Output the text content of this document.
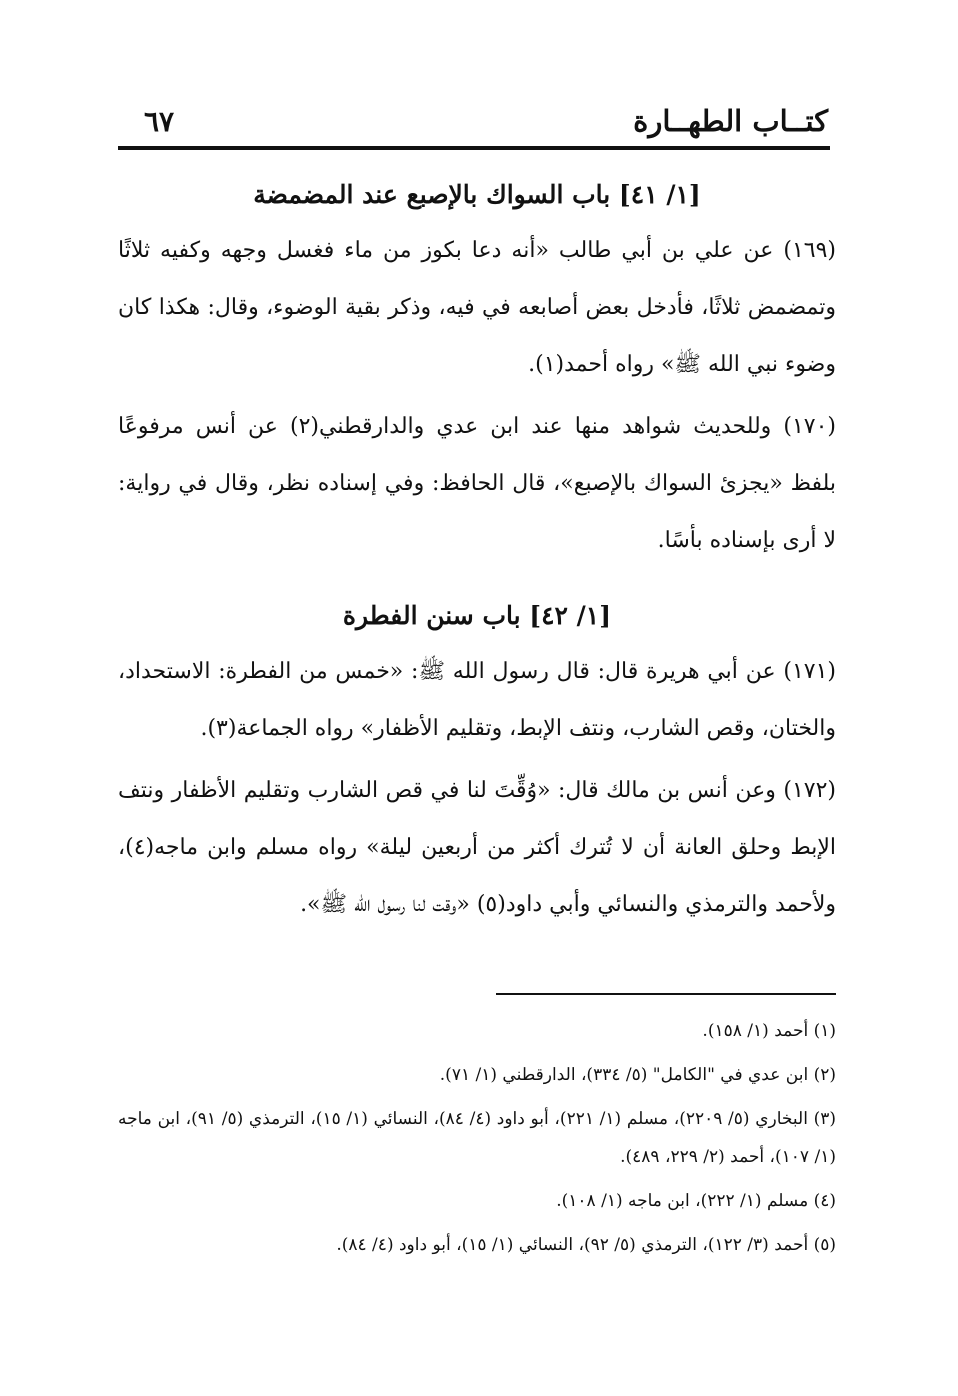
كتــاب الطهــارة
٦٧
[١/ ٤١] باب السواك بالإصبع عند المضمضة

(١٦٩) عن علي بن أبي طالب «أنه دعا بكوز من ماء فغسل وجهه وكفيه ثلاثًا وتمضمض ثلاثًا، فأدخل بعض أصابعه في فيه، وذكر بقية الوضوء، وقال: هكذا كان وضوء نبي الله ﷺ» رواه أحمد(١).

(١٧٠) وللحديث شواهد منها عند ابن عدي والدارقطني(٢) عن أنس مرفوعًا بلفظ «يجزئ السواك بالإصبع»، قال الحافظ: وفي إسناده نظر، وقال في رواية: لا أرى بإسناده بأسًا.

[١/ ٤٢] باب سنن الفطرة

(١٧١) عن أبي هريرة قال: قال رسول الله ﷺ: «خمس من الفطرة: الاستحداد، والختان، وقص الشارب، ونتف الإبط، وتقليم الأظفار» رواه الجماعة(٣).

(١٧٢) وعن أنس بن مالك قال: «وُقِّتَ لنا في قص الشارب وتقليم الأظفار ونتف الإبط وحلق العانة أن لا تُترك أكثر من أربعين ليلة» رواه مسلم وابن ماجه(٤)، ولأحمد والترمذي والنسائي وأبي داود(٥) «وقت لنا رسول الله ﷺ».

(١) أحمد (١/ ١٥٨).

(٢) ابن عدي في "الكامل" (٥/ ٣٣٤)، الدارقطني (١/ ٧١).

(٣) البخاري (٥/ ٢٢٠٩)، مسلم (١/ ٢٢١)، أبو داود (٤/ ٨٤)، النسائي (١/ ١٥)، الترمذي (٥/ ٩١)، ابن ماجه (١/ ١٠٧)، أحمد (٢/ ٢٢٩، ٤٨٩).

(٤) مسلم (١/ ٢٢٢)، ابن ماجه (١/ ١٠٨).

(٥) أحمد (٣/ ١٢٢)، الترمذي (٥/ ٩٢)، النسائي (١/ ١٥)، أبو داود (٤/ ٨٤).
